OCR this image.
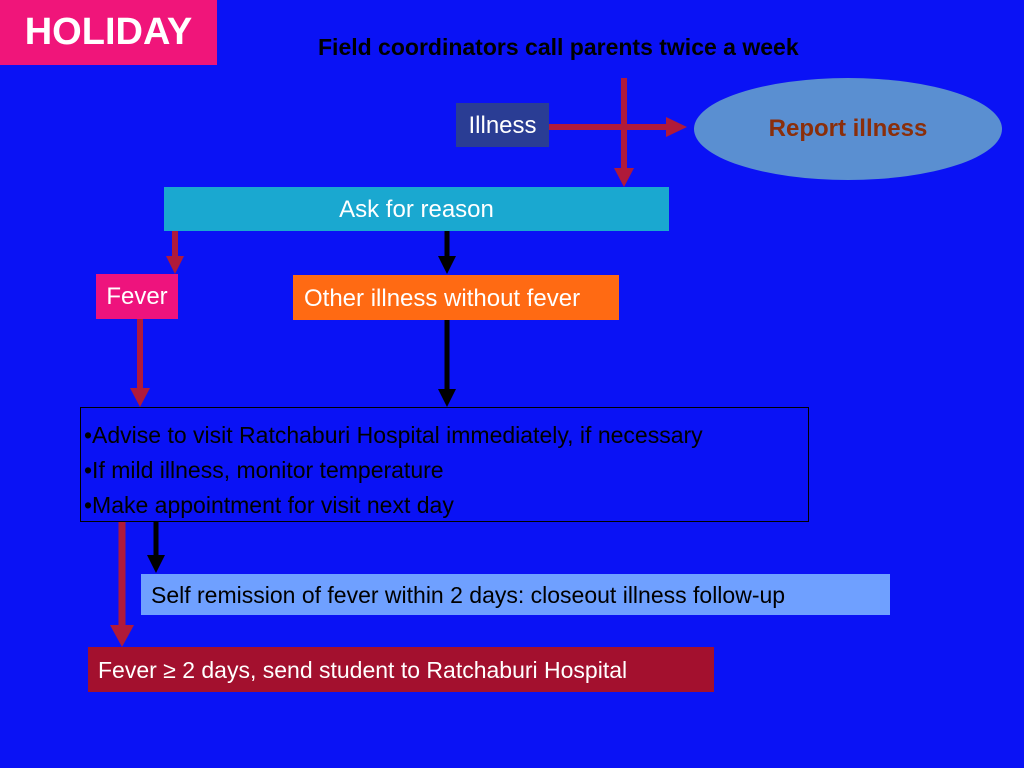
HOLIDAY	Field coordinators call parents twice a week
Illness	Report illness
Ask for reason
Fever	Other illness without fever
•Advise to visit Ratchaburi Hospital immediately, if necessary
•If mild illness, monitor temperature
•Make appointment for visit next day
Self remission of fever within 2 days: closeout illness follow-up
Fever ≥ 2 days, send student to Ratchaburi Hospital
